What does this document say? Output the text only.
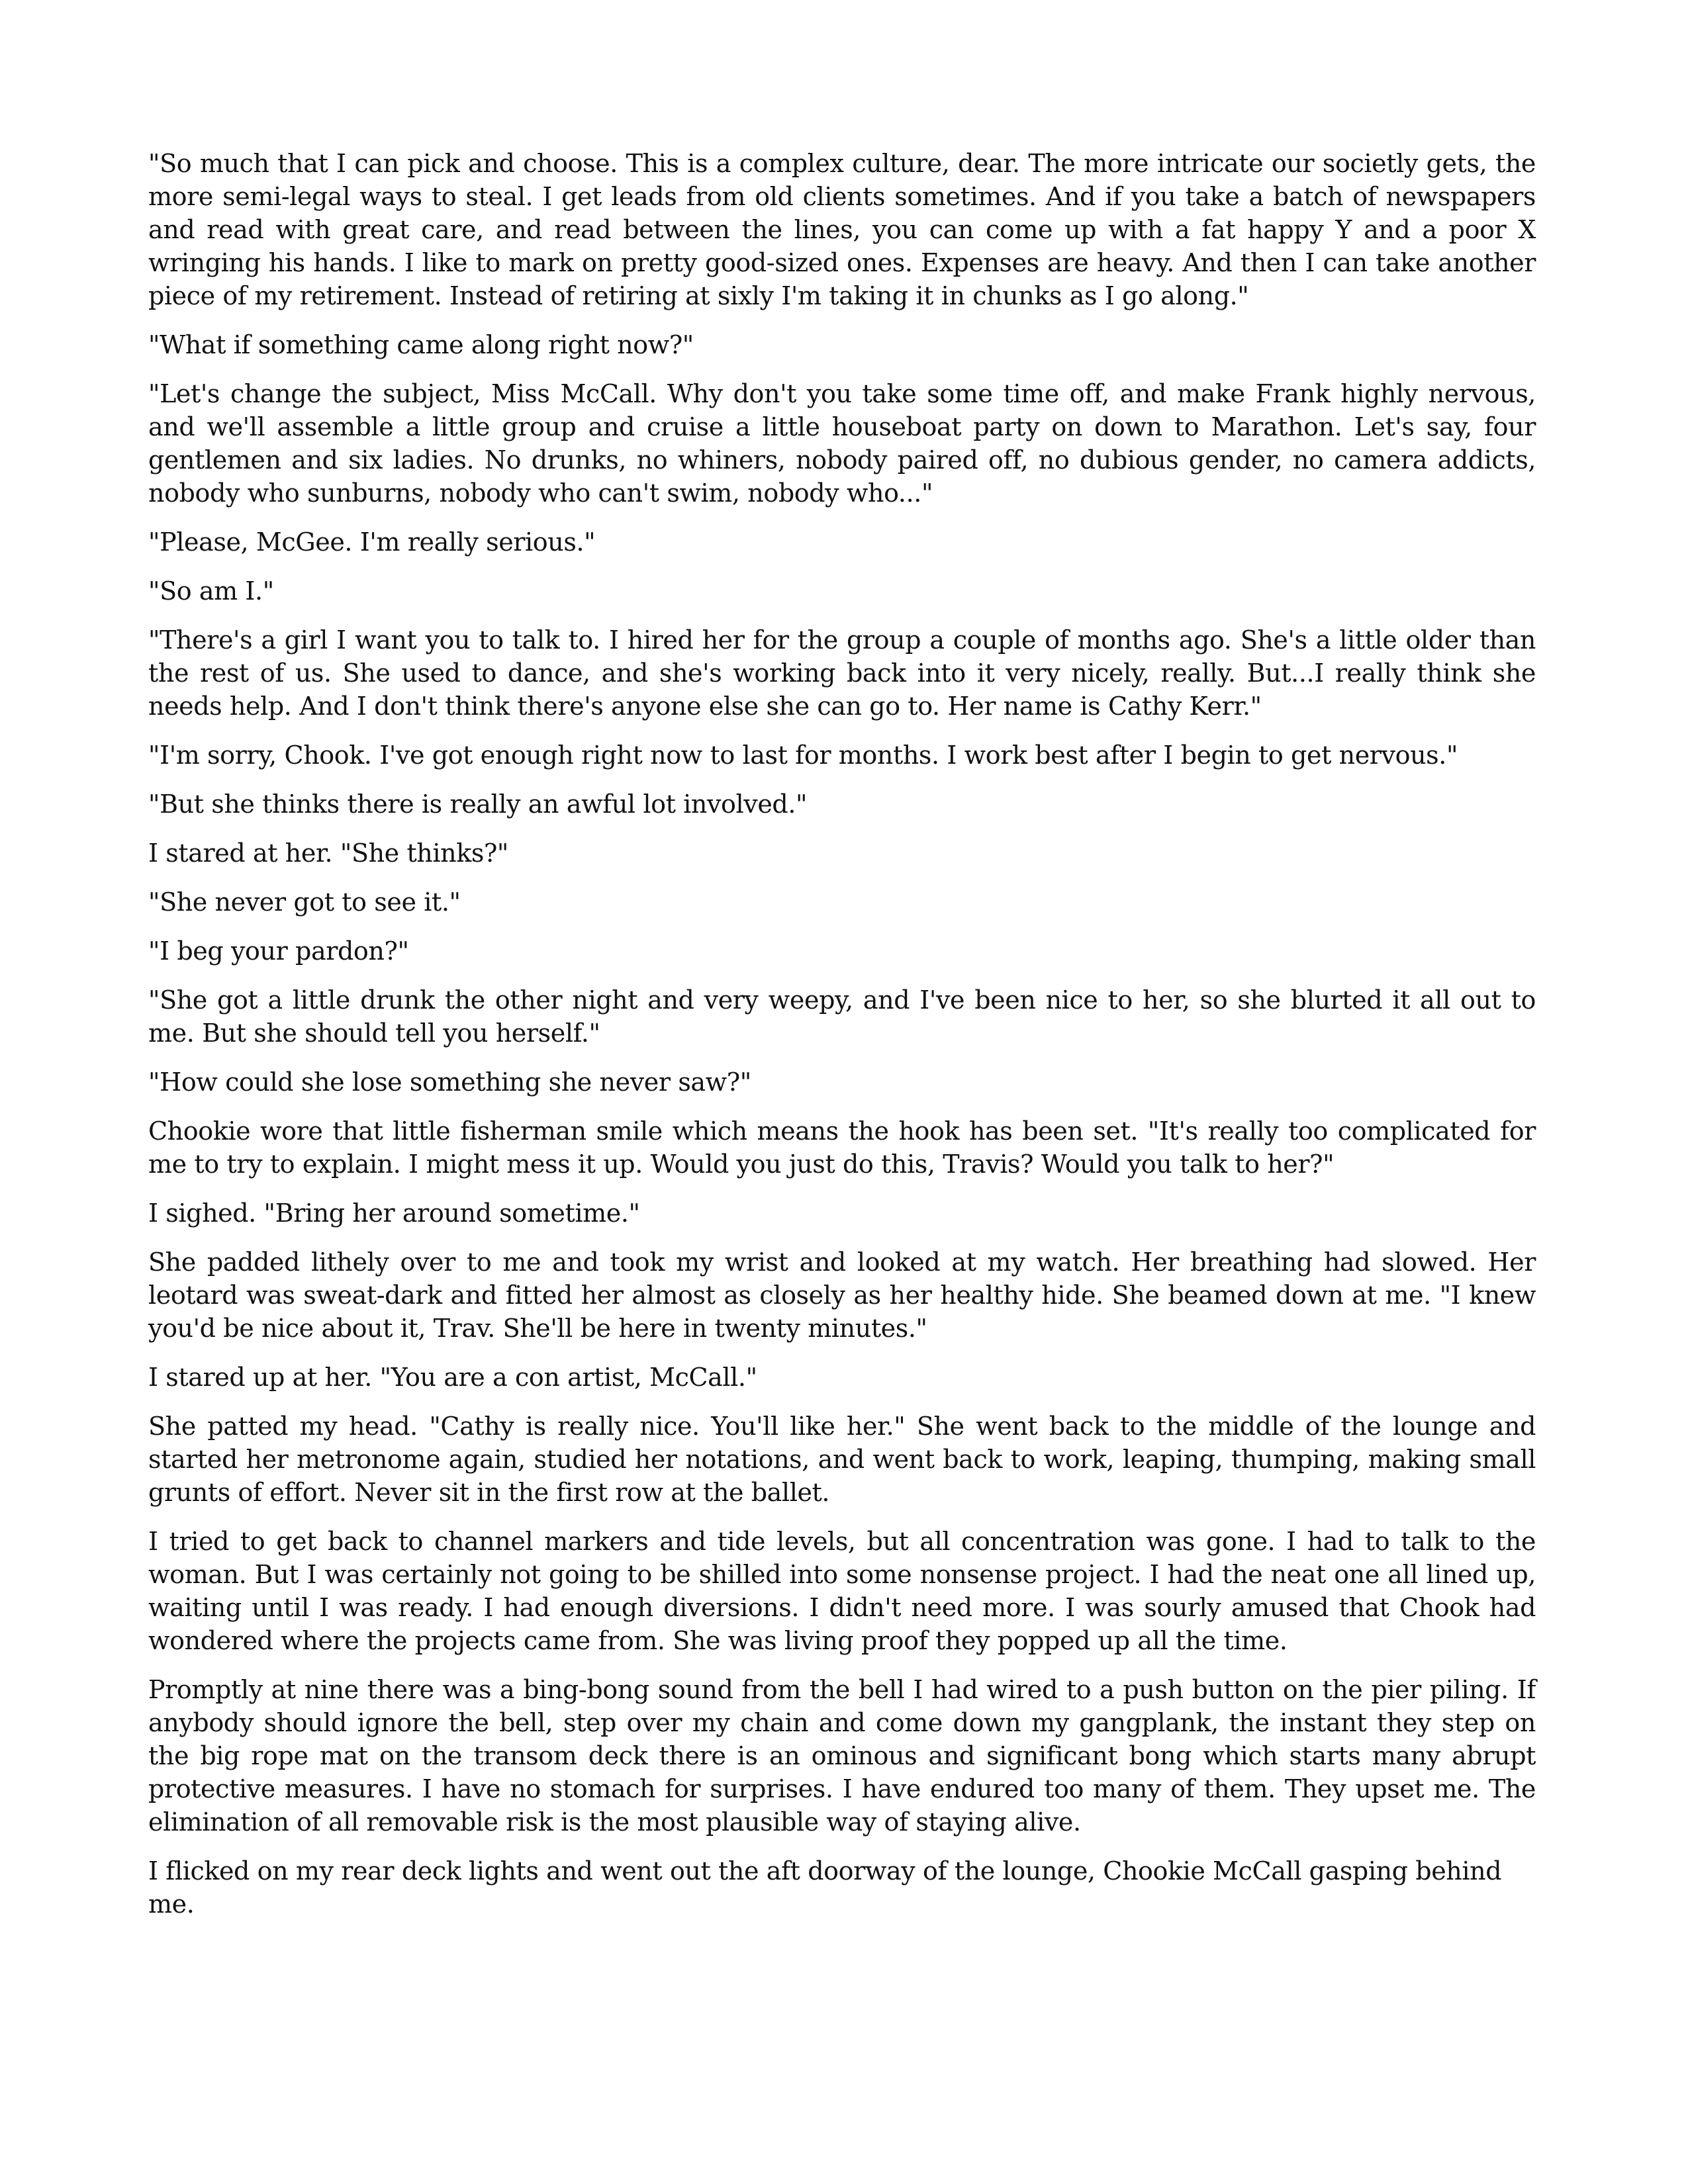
"So much that I can pick and choose. This is a complex culture, dear. The more intricate our societly gets, the more semi-legal ways to steal. I get leads from old clients sometimes. And if you take a batch of newspapers and read with great care, and read between the lines, you can come up with a fat happy Y and a poor X wringing his hands. I like to mark on pretty good-sized ones. Expenses are heavy. And then I can take another piece of my retirement. Instead of retiring at sixly I'm taking it in chunks as I go along."

"What if something came along right now?"

"Let's change the subject, Miss McCall. Why don't you take some time off, and make Frank highly nervous, and we'll assemble a little group and cruise a little houseboat party on down to Marathon. Let's say, four gentlemen and six ladies. No drunks, no whiners, nobody paired off, no dubious gender, no camera addicts, nobody who sunburns, nobody who can't swim, nobody who..."

"Please, McGee. I'm really serious."

"So am I."

"There's a girl I want you to talk to. I hired her for the group a couple of months ago. She's a little older than the rest of us. She used to dance, and she's working back into it very nicely, really. But...I really think she needs help. And I don't think there's anyone else she can go to. Her name is Cathy Kerr."

"I'm sorry, Chook. I've got enough right now to last for months. I work best after I begin to get nervous."

"But she thinks there is really an awful lot involved."

I stared at her. "She thinks?"

"She never got to see it."

"I beg your pardon?"

"She got a little drunk the other night and very weepy, and I've been nice to her, so she blurted it all out to me. But she should tell you herself."

"How could she lose something she never saw?"

Chookie wore that little fisherman smile which means the hook has been set. "It's really too complicated for me to try to explain. I might mess it up. Would you just do this, Travis? Would you talk to her?"

I sighed. "Bring her around sometime."

She padded lithely over to me and took my wrist and looked at my watch. Her breathing had slowed. Her leotard was sweat-dark and fitted her almost as closely as her healthy hide. She beamed down at me. "I knew you'd be nice about it, Trav. She'll be here in twenty minutes."

I stared up at her. "You are a con artist, McCall."

She patted my head. "Cathy is really nice. You'll like her." She went back to the middle of the lounge and started her metronome again, studied her notations, and went back to work, leaping, thumping, making small grunts of effort. Never sit in the first row at the ballet.

I tried to get back to channel markers and tide levels, but all concentration was gone. I had to talk to the woman. But I was certainly not going to be shilled into some nonsense project. I had the neat one all lined up, waiting until I was ready. I had enough diversions. I didn't need more. I was sourly amused that Chook had wondered where the projects came from. She was living proof they popped up all the time.

Promptly at nine there was a bing-bong sound from the bell I had wired to a push button on the pier piling. If anybody should ignore the bell, step over my chain and come down my gangplank, the instant they step on the big rope mat on the transom deck there is an ominous and significant bong which starts many abrupt protective measures. I have no stomach for surprises. I have endured too many of them. They upset me. The elimination of all removable risk is the most plausible way of staying alive.

I flicked on my rear deck lights and went out the aft doorway of the lounge, Chookie McCall gasping behind me.
